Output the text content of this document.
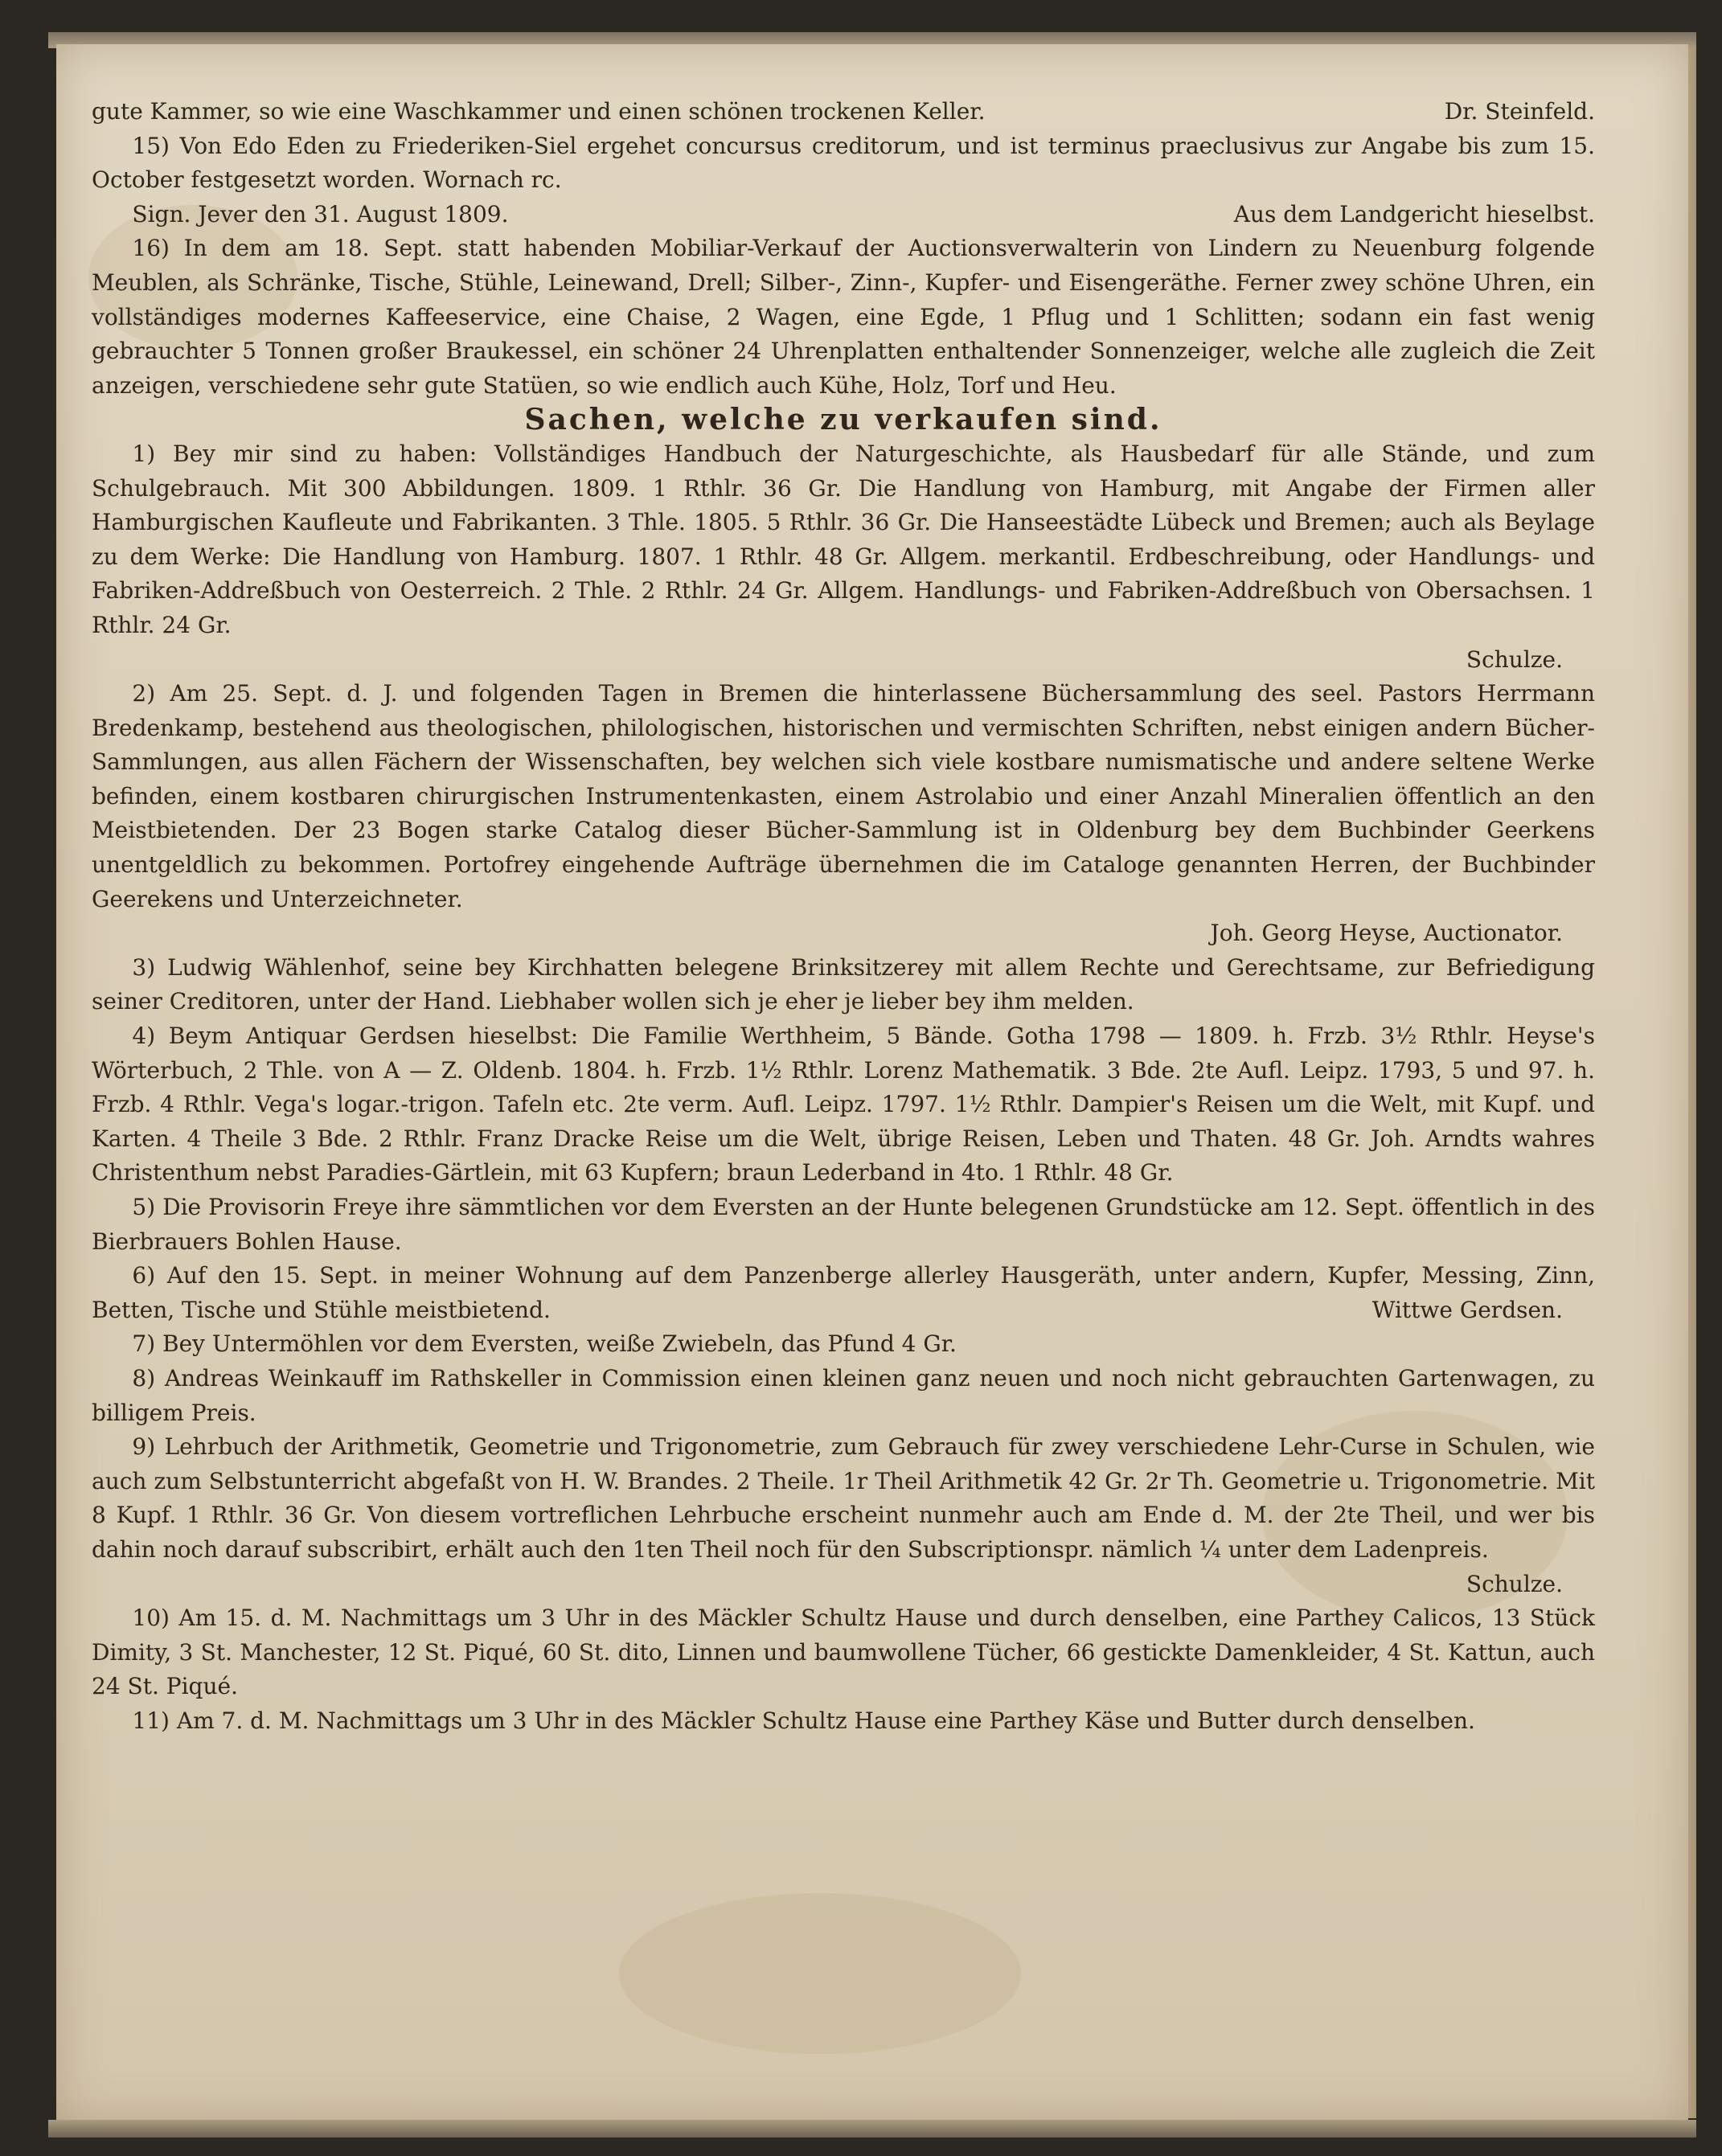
gute Kammer, so wie eine Waschkammer und einen schönen trockenen Keller.	Dr. Steinfeld.

15) Von Edo Eden zu Friederiken-Siel ergehet concursus creditorum, und ist terminus praeclusivus zur Angabe bis zum 15. October festgesetzt worden. Wornach rc.

Sign. Jever den 31. August 1809.	Aus dem Landgericht hieselbst.

16) In dem am 18. Sept. statt habenden Mobiliar-Verkauf der Auctionsverwalterin von Lindern zu Neuenburg folgende Meublen, als Schränke, Tische, Stühle, Leinewand, Drell; Silber-, Zinn-, Kupfer- und Eisengeräthe. Ferner zwey schöne Uhren, ein vollständiges modernes Kaffeeservice, eine Chaise, 2 Wagen, eine Egde, 1 Pflug und 1 Schlitten; sodann ein fast wenig gebrauchter 5 Tonnen großer Braukessel, ein schöner 24 Uhrenplatten enthaltender Sonnenzeiger, welche alle zugleich die Zeit anzeigen, verschiedene sehr gute Statüen, so wie endlich auch Kühe, Holz, Torf und Heu.

Sachen, welche zu verkaufen sind.

1) Bey mir sind zu haben: Vollständiges Handbuch der Naturgeschichte, als Hausbedarf für alle Stände, und zum Schulgebrauch. Mit 300 Abbildungen. 1809. 1 Rthlr. 36 Gr. Die Handlung von Hamburg, mit Angabe der Firmen aller Hamburgischen Kaufleute und Fabrikanten. 3 Thle. 1805. 5 Rthlr. 36 Gr. Die Hanseestädte Lübeck und Bremen; auch als Beylage zu dem Werke: Die Handlung von Hamburg. 1807. 1 Rthlr. 48 Gr. Allgem. merkantil. Erdbeschreibung, oder Handlungs- und Fabriken-Addreßbuch von Oesterreich. 2 Thle. 2 Rthlr. 24 Gr. Allgem. Handlungs- und Fabriken-Addreßbuch von Obersachsen. 1 Rthlr. 24 Gr.

Schulze.

2) Am 25. Sept. d. J. und folgenden Tagen in Bremen die hinterlassene Büchersammlung des seel. Pastors Herrmann Bredenkamp, bestehend aus theologischen, philologischen, historischen und vermischten Schriften, nebst einigen andern Bücher-Sammlungen, aus allen Fächern der Wissenschaften, bey welchen sich viele kostbare numismatische und andere seltene Werke befinden, einem kostbaren chirurgischen Instrumentenkasten, einem Astrolabio und einer Anzahl Mineralien öffentlich an den Meistbietenden. Der 23 Bogen starke Catalog dieser Bücher-Sammlung ist in Oldenburg bey dem Buchbinder Geerkens unentgeldlich zu bekommen. Portofrey eingehende Aufträge übernehmen die im Cataloge genannten Herren, der Buchbinder Geerekens und Unterzeichneter.

Joh. Georg Heyse, Auctionator.

3) Ludwig Wählenhof, seine bey Kirchhatten belegene Brinksitzerey mit allem Rechte und Gerechtsame, zur Befriedigung seiner Creditoren, unter der Hand. Liebhaber wollen sich je eher je lieber bey ihm melden.

4) Beym Antiquar Gerdsen hieselbst: Die Familie Werthheim, 5 Bände. Gotha 1798 — 1809. h. Frzb. 3½ Rthlr. Heyse's Wörterbuch, 2 Thle. von A — Z. Oldenb. 1804. h. Frzb. 1½ Rthlr. Lorenz Mathematik. 3 Bde. 2te Aufl. Leipz. 1793, 5 und 97. h. Frzb. 4 Rthlr. Vega's logar.-trigon. Tafeln etc. 2te verm. Aufl. Leipz. 1797. 1½ Rthlr. Dampier's Reisen um die Welt, mit Kupf. und Karten. 4 Theile 3 Bde. 2 Rthlr. Franz Dracke Reise um die Welt, übrige Reisen, Leben und Thaten. 48 Gr. Joh. Arndts wahres Christenthum nebst Paradies-Gärtlein, mit 63 Kupfern; braun Lederband in 4to. 1 Rthlr. 48 Gr.

5) Die Provisorin Freye ihre sämmtlichen vor dem Eversten an der Hunte belegenen Grundstücke am 12. Sept. öffentlich in des Bierbrauers Bohlen Hause.

6) Auf den 15. Sept. in meiner Wohnung auf dem Panzenberge allerley Hausgeräth, unter andern, Kupfer, Messing, Zinn, Betten, Tische und Stühle meistbietend.	Wittwe Gerdsen.

7) Bey Untermöhlen vor dem Eversten, weiße Zwiebeln, das Pfund 4 Gr.

8) Andreas Weinkauff im Rathskeller in Commission einen kleinen ganz neuen und noch nicht gebrauchten Gartenwagen, zu billigem Preis.

9) Lehrbuch der Arithmetik, Geometrie und Trigonometrie, zum Gebrauch für zwey verschiedene Lehr-Curse in Schulen, wie auch zum Selbstunterricht abgefaßt von H. W. Brandes. 2 Theile. 1r Theil Arithmetik 42 Gr. 2r Th. Geometrie u. Trigonometrie. Mit 8 Kupf. 1 Rthlr. 36 Gr. Von diesem vortreflichen Lehrbuche erscheint nunmehr auch am Ende d. M. der 2te Theil, und wer bis dahin noch darauf subscribirt, erhält auch den 1ten Theil noch für den Subscriptionspr. nämlich ¼ unter dem Ladenpreis.

Schulze.

10) Am 15. d. M. Nachmittags um 3 Uhr in des Mäckler Schultz Hause und durch denselben, eine Parthey Calicos, 13 Stück Dimity, 3 St. Manchester, 12 St. Piqué, 60 St. dito, Linnen und baumwollene Tücher, 66 gestickte Damenkleider, 4 St. Kattun, auch 24 St. Piqué.

11) Am 7. d. M. Nachmittags um 3 Uhr in des Mäckler Schultz Hause eine Parthey Käse und Butter durch denselben.
